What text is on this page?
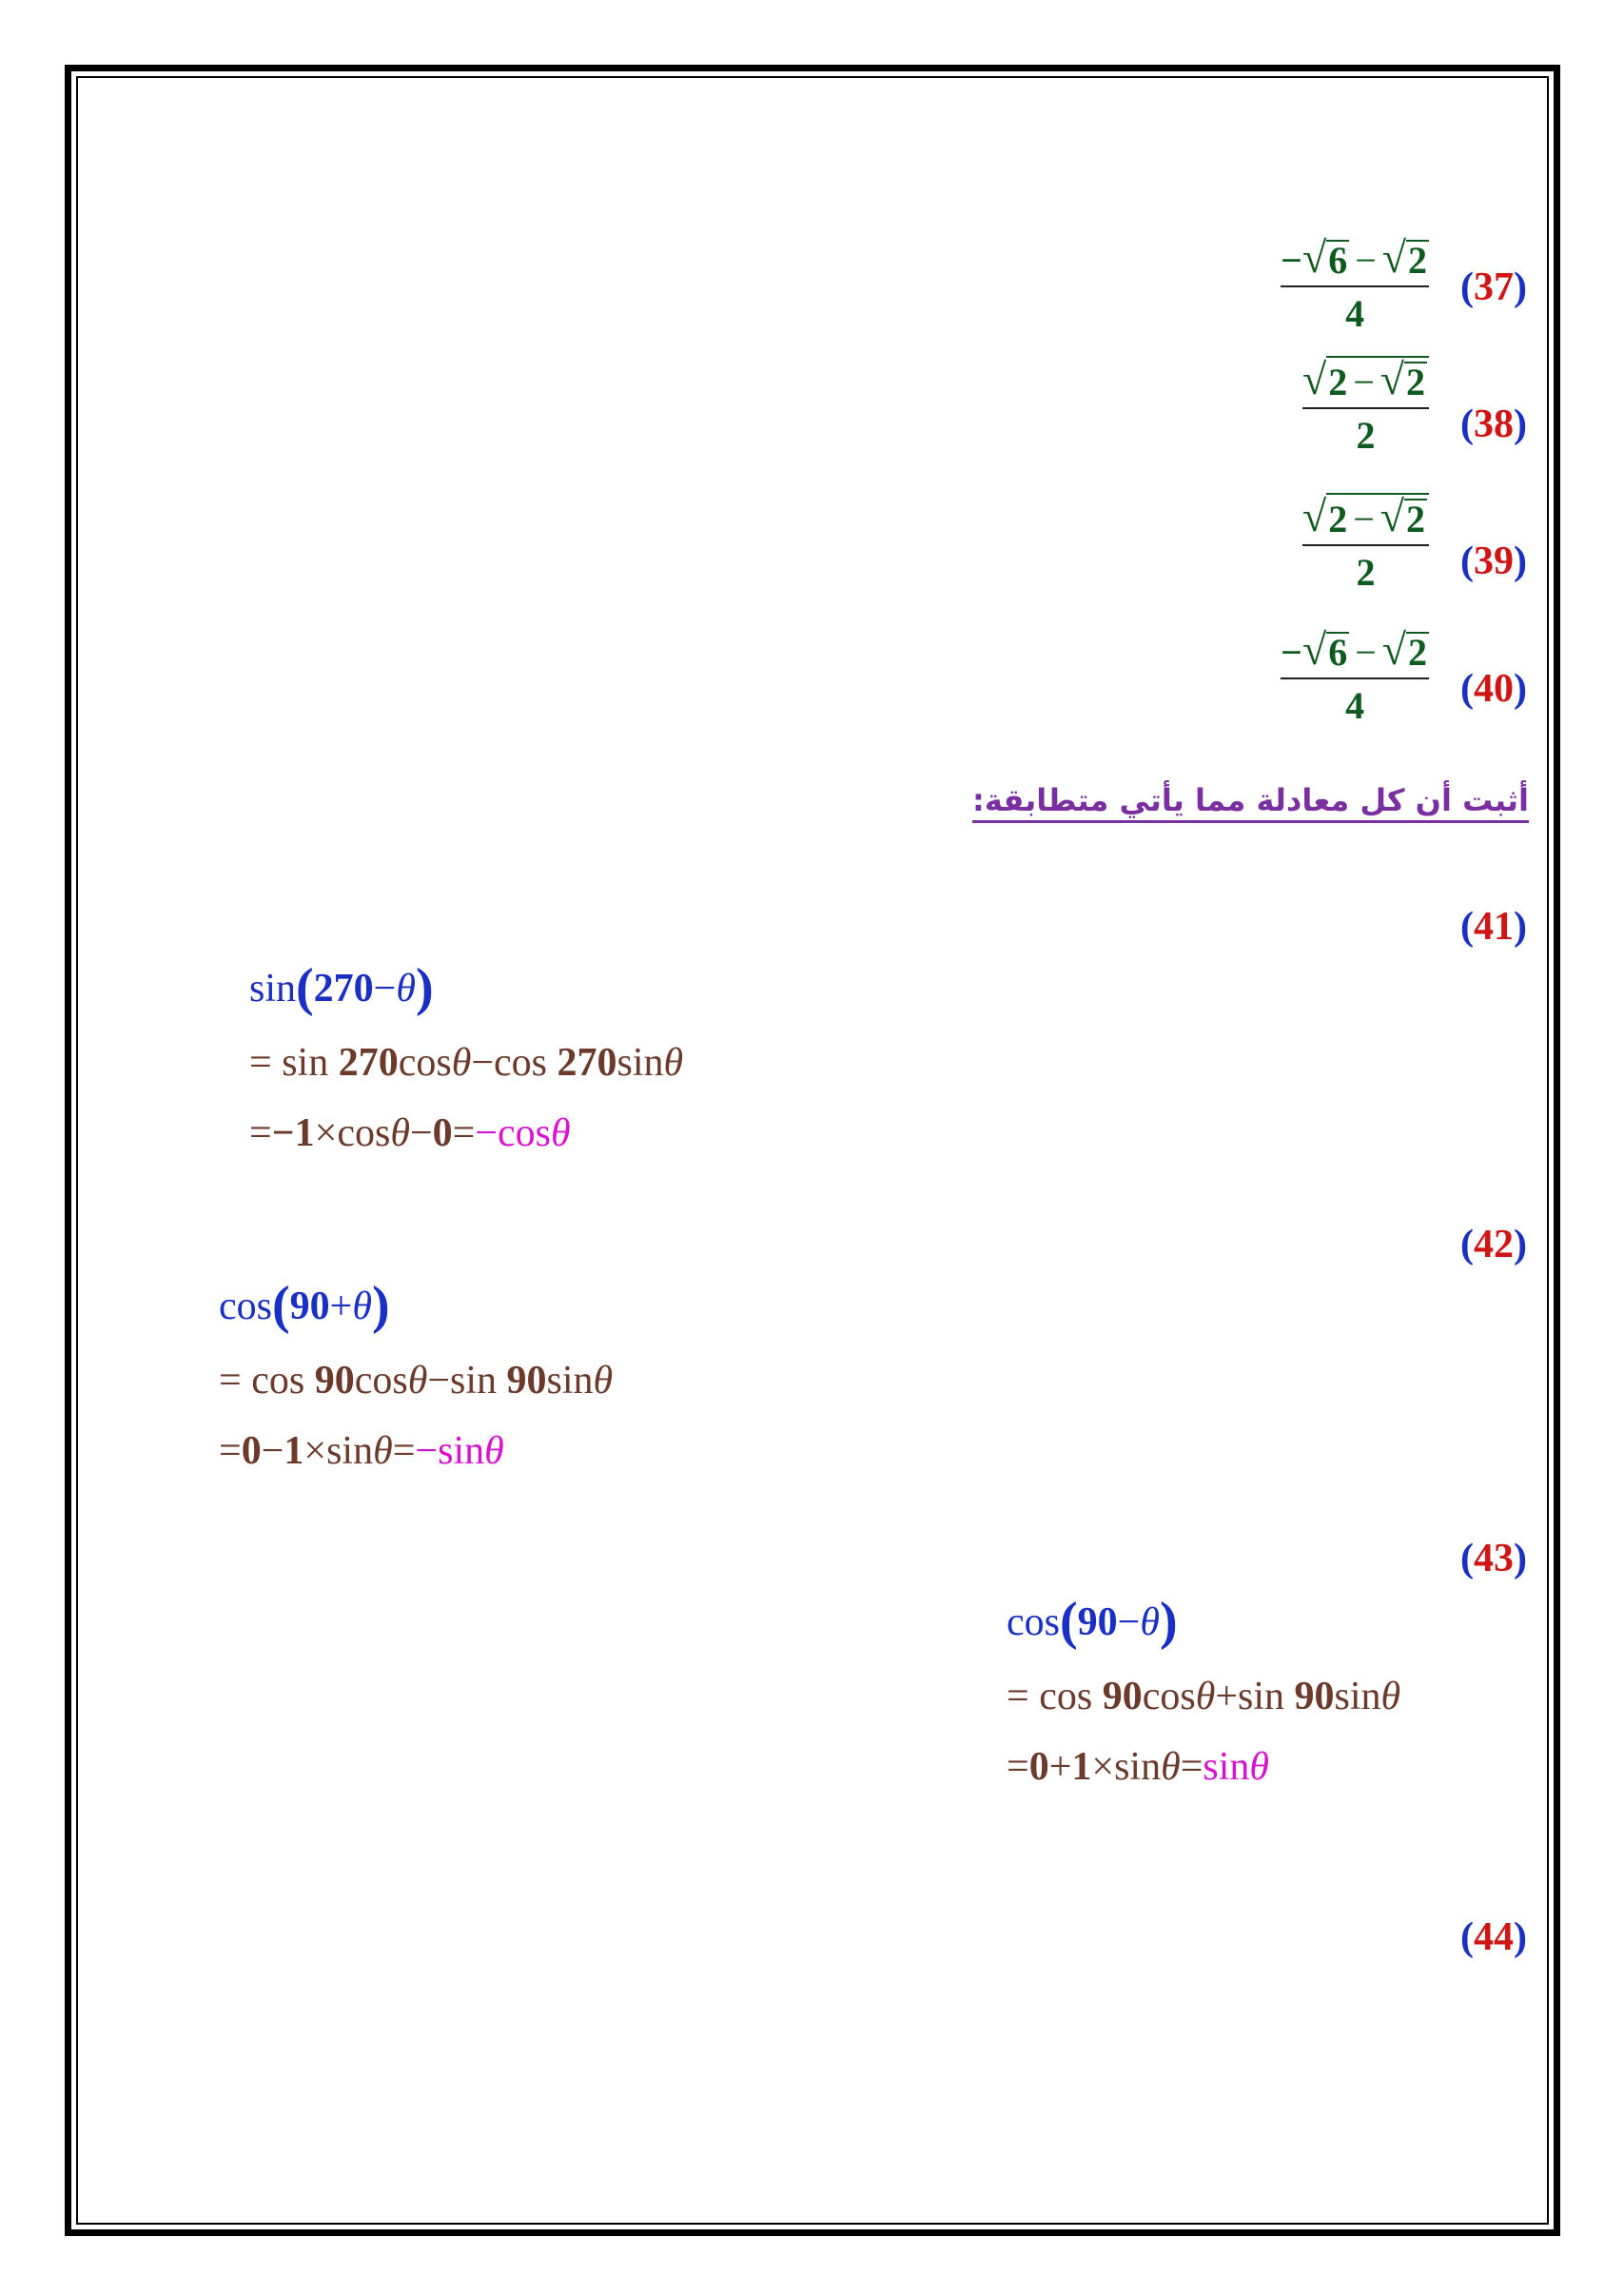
− √ 6 − √ 2
4
(37)
√ 2 − √ 2
2 (38)
√ 2 − √ 2
2 (39)
− √ 6 − √ 2
4 (40)
أثبت أن كل معادلة مما يأتي متطابقة:
(41)
sin(270−θ)
= sin 270cosθ−cos 270sinθ
=−1×cosθ−0=−cosθ
(42)
cos(90+θ)
= cos 90cosθ−sin 90sinθ
=0−1×sinθ=−sinθ
(43)
cos(90−θ)
= cos 90cosθ+sin 90sinθ
=0+1×sinθ=sinθ
(44)
